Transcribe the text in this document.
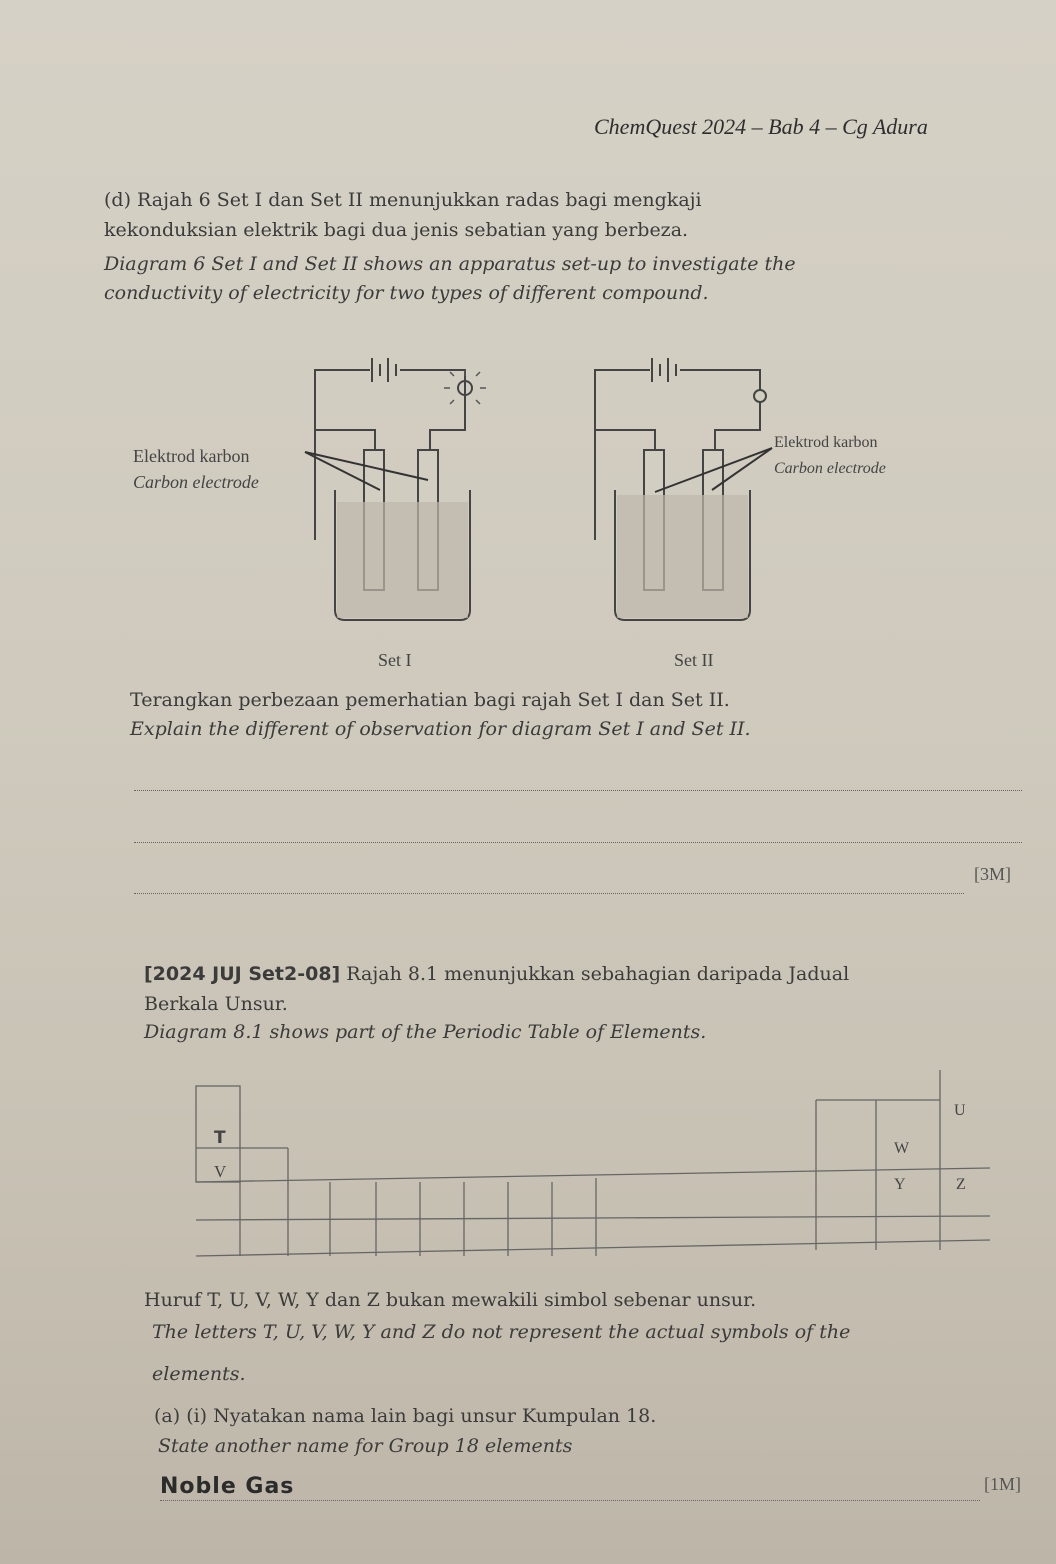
ChemQuest 2024 – Bab 4 – Cg Adura
(d) Rajah 6 Set I dan Set II menunjukkan radas bagi mengkaji
kekonduksian elektrik bagi dua jenis sebatian yang berbeza.
Diagram 6 Set I and Set II shows an apparatus set-up to investigate the
conductivity of electricity for two types of different compound.
Elektrod karbon
Carbon electrode
Elektrod karbon
Carbon electrode
Set I	Set II
Terangkan perbezaan pemerhatian bagi rajah Set I dan Set II.
Explain the different of observation for diagram Set I and Set II.
[3M]
[2024 JUJ Set2-08] Rajah 8.1 menunjukkan sebahagian daripada Jadual
Berkala Unsur.
Diagram 8.1 shows part of the Periodic Table of Elements.
T
V
U
W
Y	Z
Huruf T, U, V, W, Y dan Z bukan mewakili simbol sebenar unsur.
The letters T, U, V, W, Y and Z do not represent the actual symbols of the
elements.
(a) (i) Nyatakan nama lain bagi unsur Kumpulan 18.
State another name for Group 18 elements
Noble Gas	[1M]
